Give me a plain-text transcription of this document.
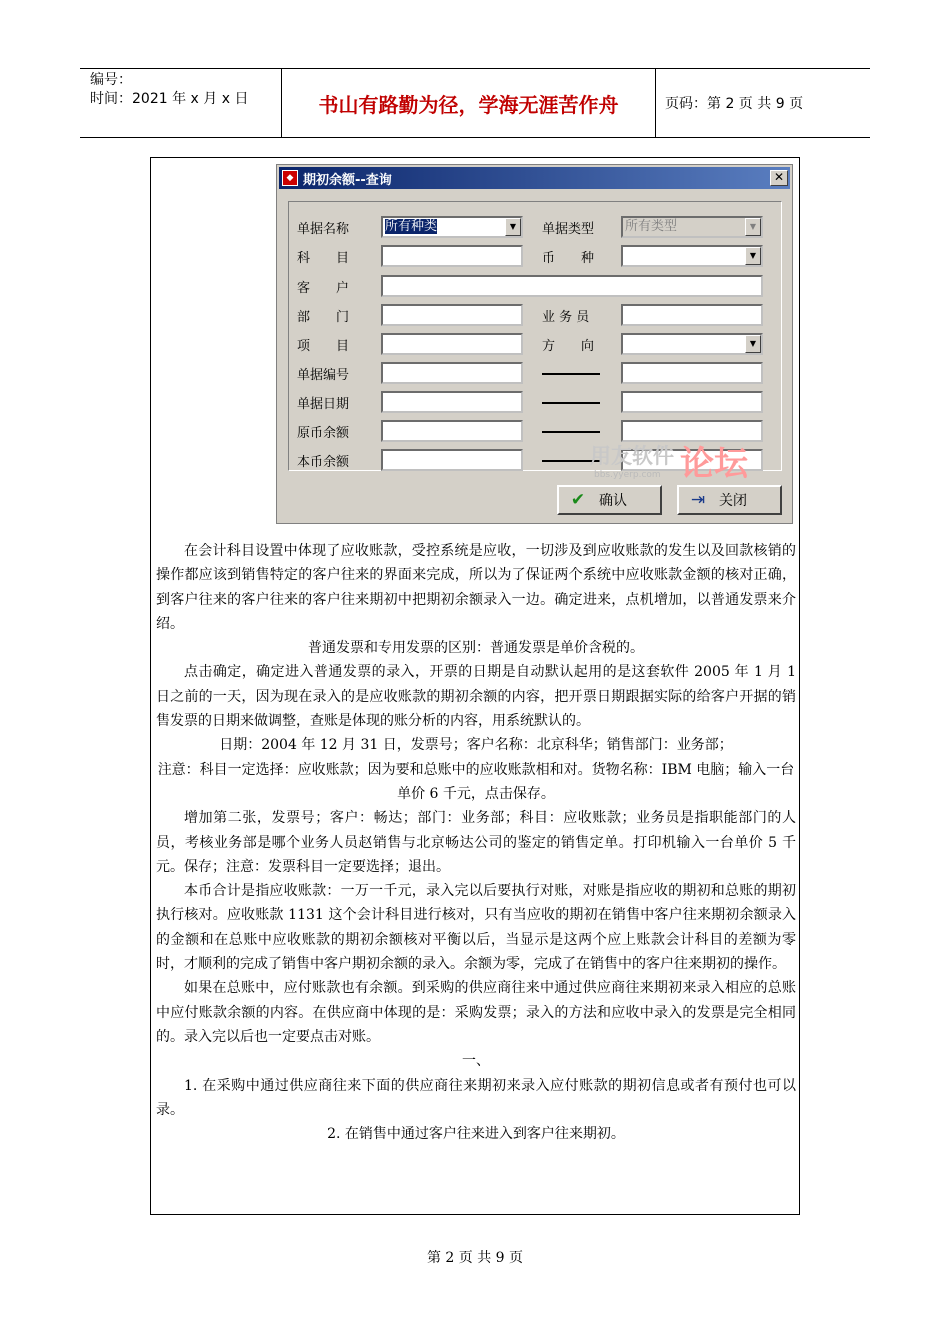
编号：
时间：2021 年 x 月 x 日	书山有路勤为径，学海无涯苦作舟	页码：第 2 页 共 9 页
◆ 期初余额--查询	✕
单据名称	所有种类	▼	单据类型	所有类型	▼
科　　目	币　　种	▼
客　　户
部　　门	业 务 员
项　　目	方　　向	▼
单据编号
单据日期
原币余额
本币余额
✔ 确认	⇥ 关闭
用友软件 论坛
bbs.yyerp.com

在会计科目设置中体现了应收账款，受控系统是应收，一切涉及到应收账款的发生以及回款核销的操作都应该到销售特定的客户往来的界面来完成，所以为了保证两个系统中应收账款金额的核对正确，到客户往来的客户往来的客户往来期初中把期初余额录入一边。确定进来，点机增加，以普通发票来介绍。

普通发票和专用发票的区别：普通发票是单价含税的。

点击确定，确定进入普通发票的录入，开票的日期是自动默认起用的是这套软件 2005 年 1 月 1 日之前的一天，因为现在录入的是应收账款的期初余额的内容，把开票日期跟据实际的给客户开据的销售发票的日期来做调整，查账是体现的账分析的内容，用系统默认的。

日期：2004 年 12 月 31 日，发票号；客户名称：北京科华；销售部门：业务部；

注意：科目一定选择：应收账款；因为要和总账中的应收账款相和对。货物名称：IBM 电脑；输入一台单价 6 千元，点击保存。

增加第二张，发票号；客户：畅达；部门：业务部；科目：应收账款；业务员是指职能部门的人员，考核业务部是哪个业务人员赵销售与北京畅达公司的鉴定的销售定单。打印机输入一台单价 5 千元。保存；注意：发票科目一定要选择；退出。

本币合计是指应收账款：一万一千元，录入完以后要执行对账，对账是指应收的期初和总账的期初执行核对。应收账款 1131 这个会计科目进行核对，只有当应收的期初在销售中客户往来期初余额录入的金额和在总账中应收账款的期初余额核对平衡以后，当显示是这两个应上账款会计科目的差额为零时，才顺利的完成了销售中客户期初余额的录入。余额为零，完成了在销售中的客户往来期初的操作。

如果在总账中，应付账款也有余额。到采购的供应商往来中通过供应商往来期初来录入相应的总账中应付账款余额的内容。在供应商中体现的是：采购发票；录入的方法和应收中录入的发票是完全相同的。录入完以后也一定要点击对账。

一、

1. 在采购中通过供应商往来下面的供应商往来期初来录入应付账款的期初信息或者有预付也可以录。

2. 在销售中通过客户往来进入到客户往来期初。

第 2 页 共 9 页
